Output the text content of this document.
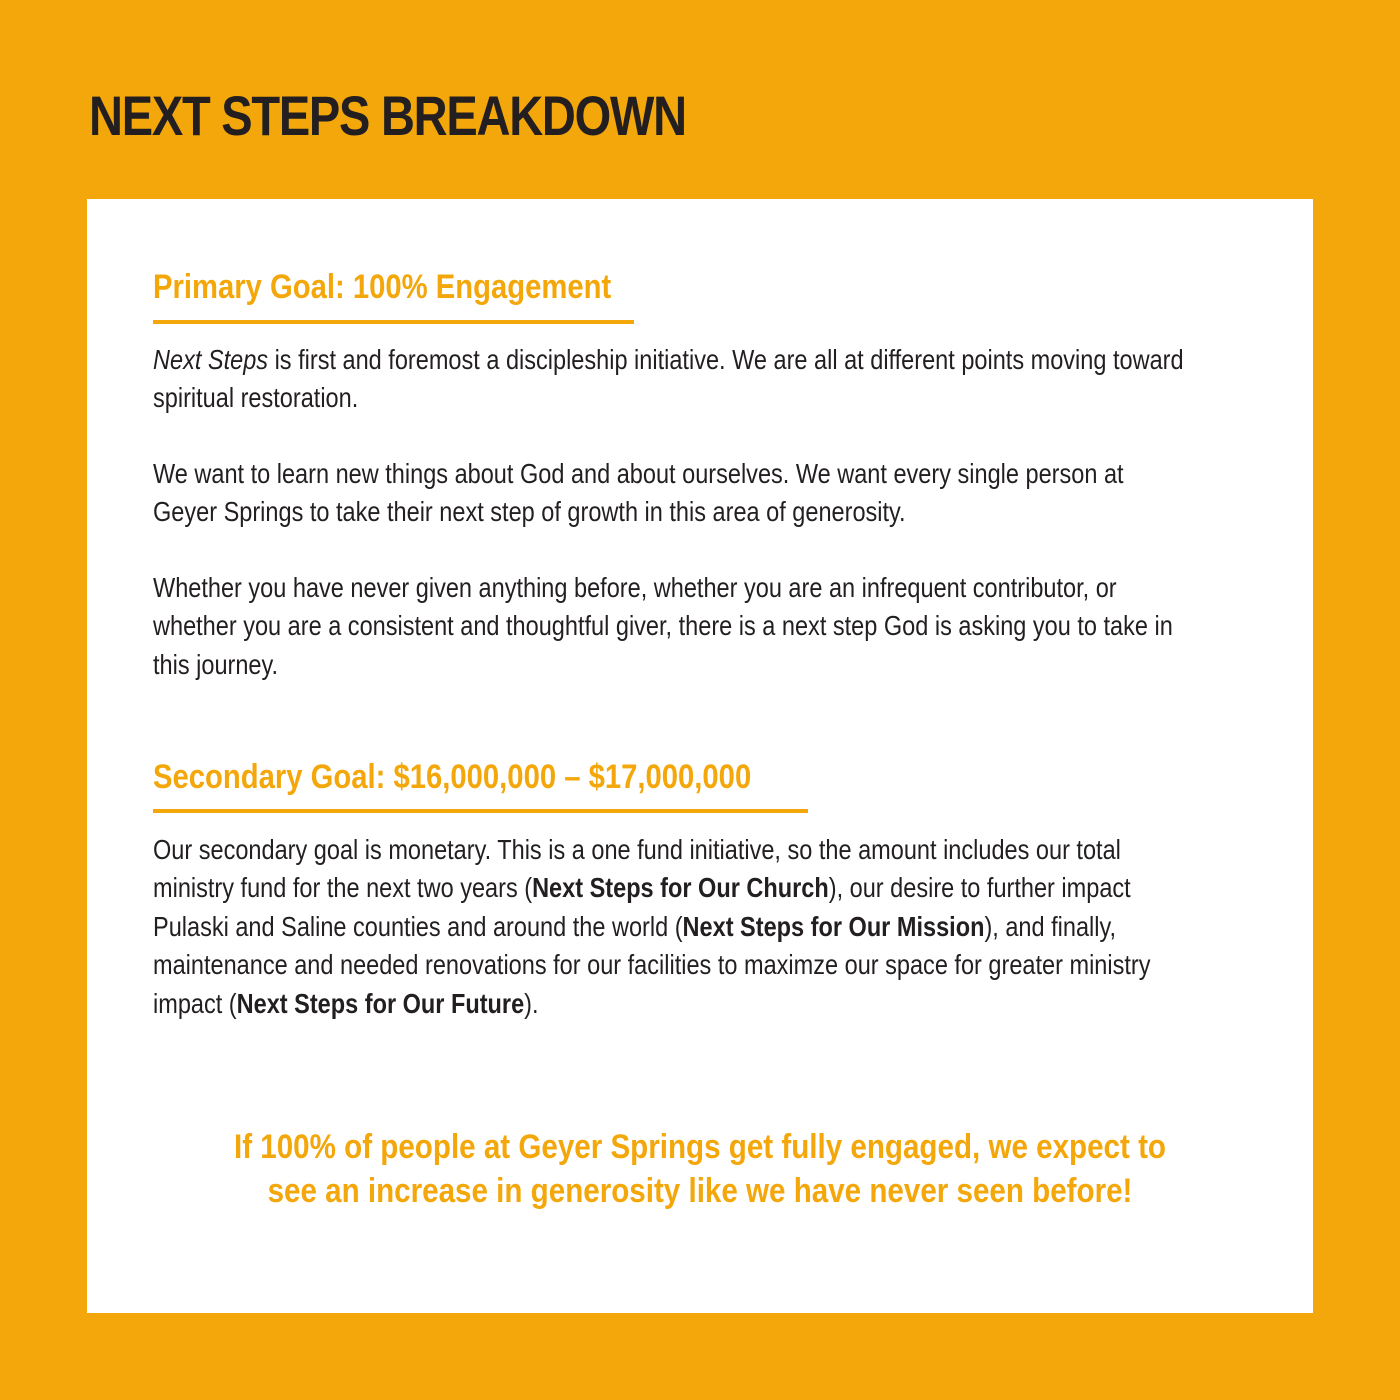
NEXT STEPS BREAKDOWN
Primary Goal: 100% Engagement

Next Steps is first and foremost a discipleship initiative. We are all at different points moving toward spiritual restoration.

We want to learn new things about God and about ourselves. We want every single person at Geyer Springs to take their next step of growth in this area of generosity.

Whether you have never given anything before, whether you are an infrequent contributor, or whether you are a consistent and thoughtful giver, there is a next step God is asking you to take in this journey.

Secondary Goal: $16,000,000 – $17,000,000

Our secondary goal is monetary. This is a one fund initiative, so the amount includes our total ministry fund for the next two years (Next Steps for Our Church), our desire to further impact Pulaski and Saline counties and around the world (Next Steps for Our Mission), and finally, maintenance and needed renovations for our facilities to maximze our space for greater ministry impact (Next Steps for Our Future).

If 100% of people at Geyer Springs get fully engaged, we expect to
see an increase in generosity like we have never seen before!
